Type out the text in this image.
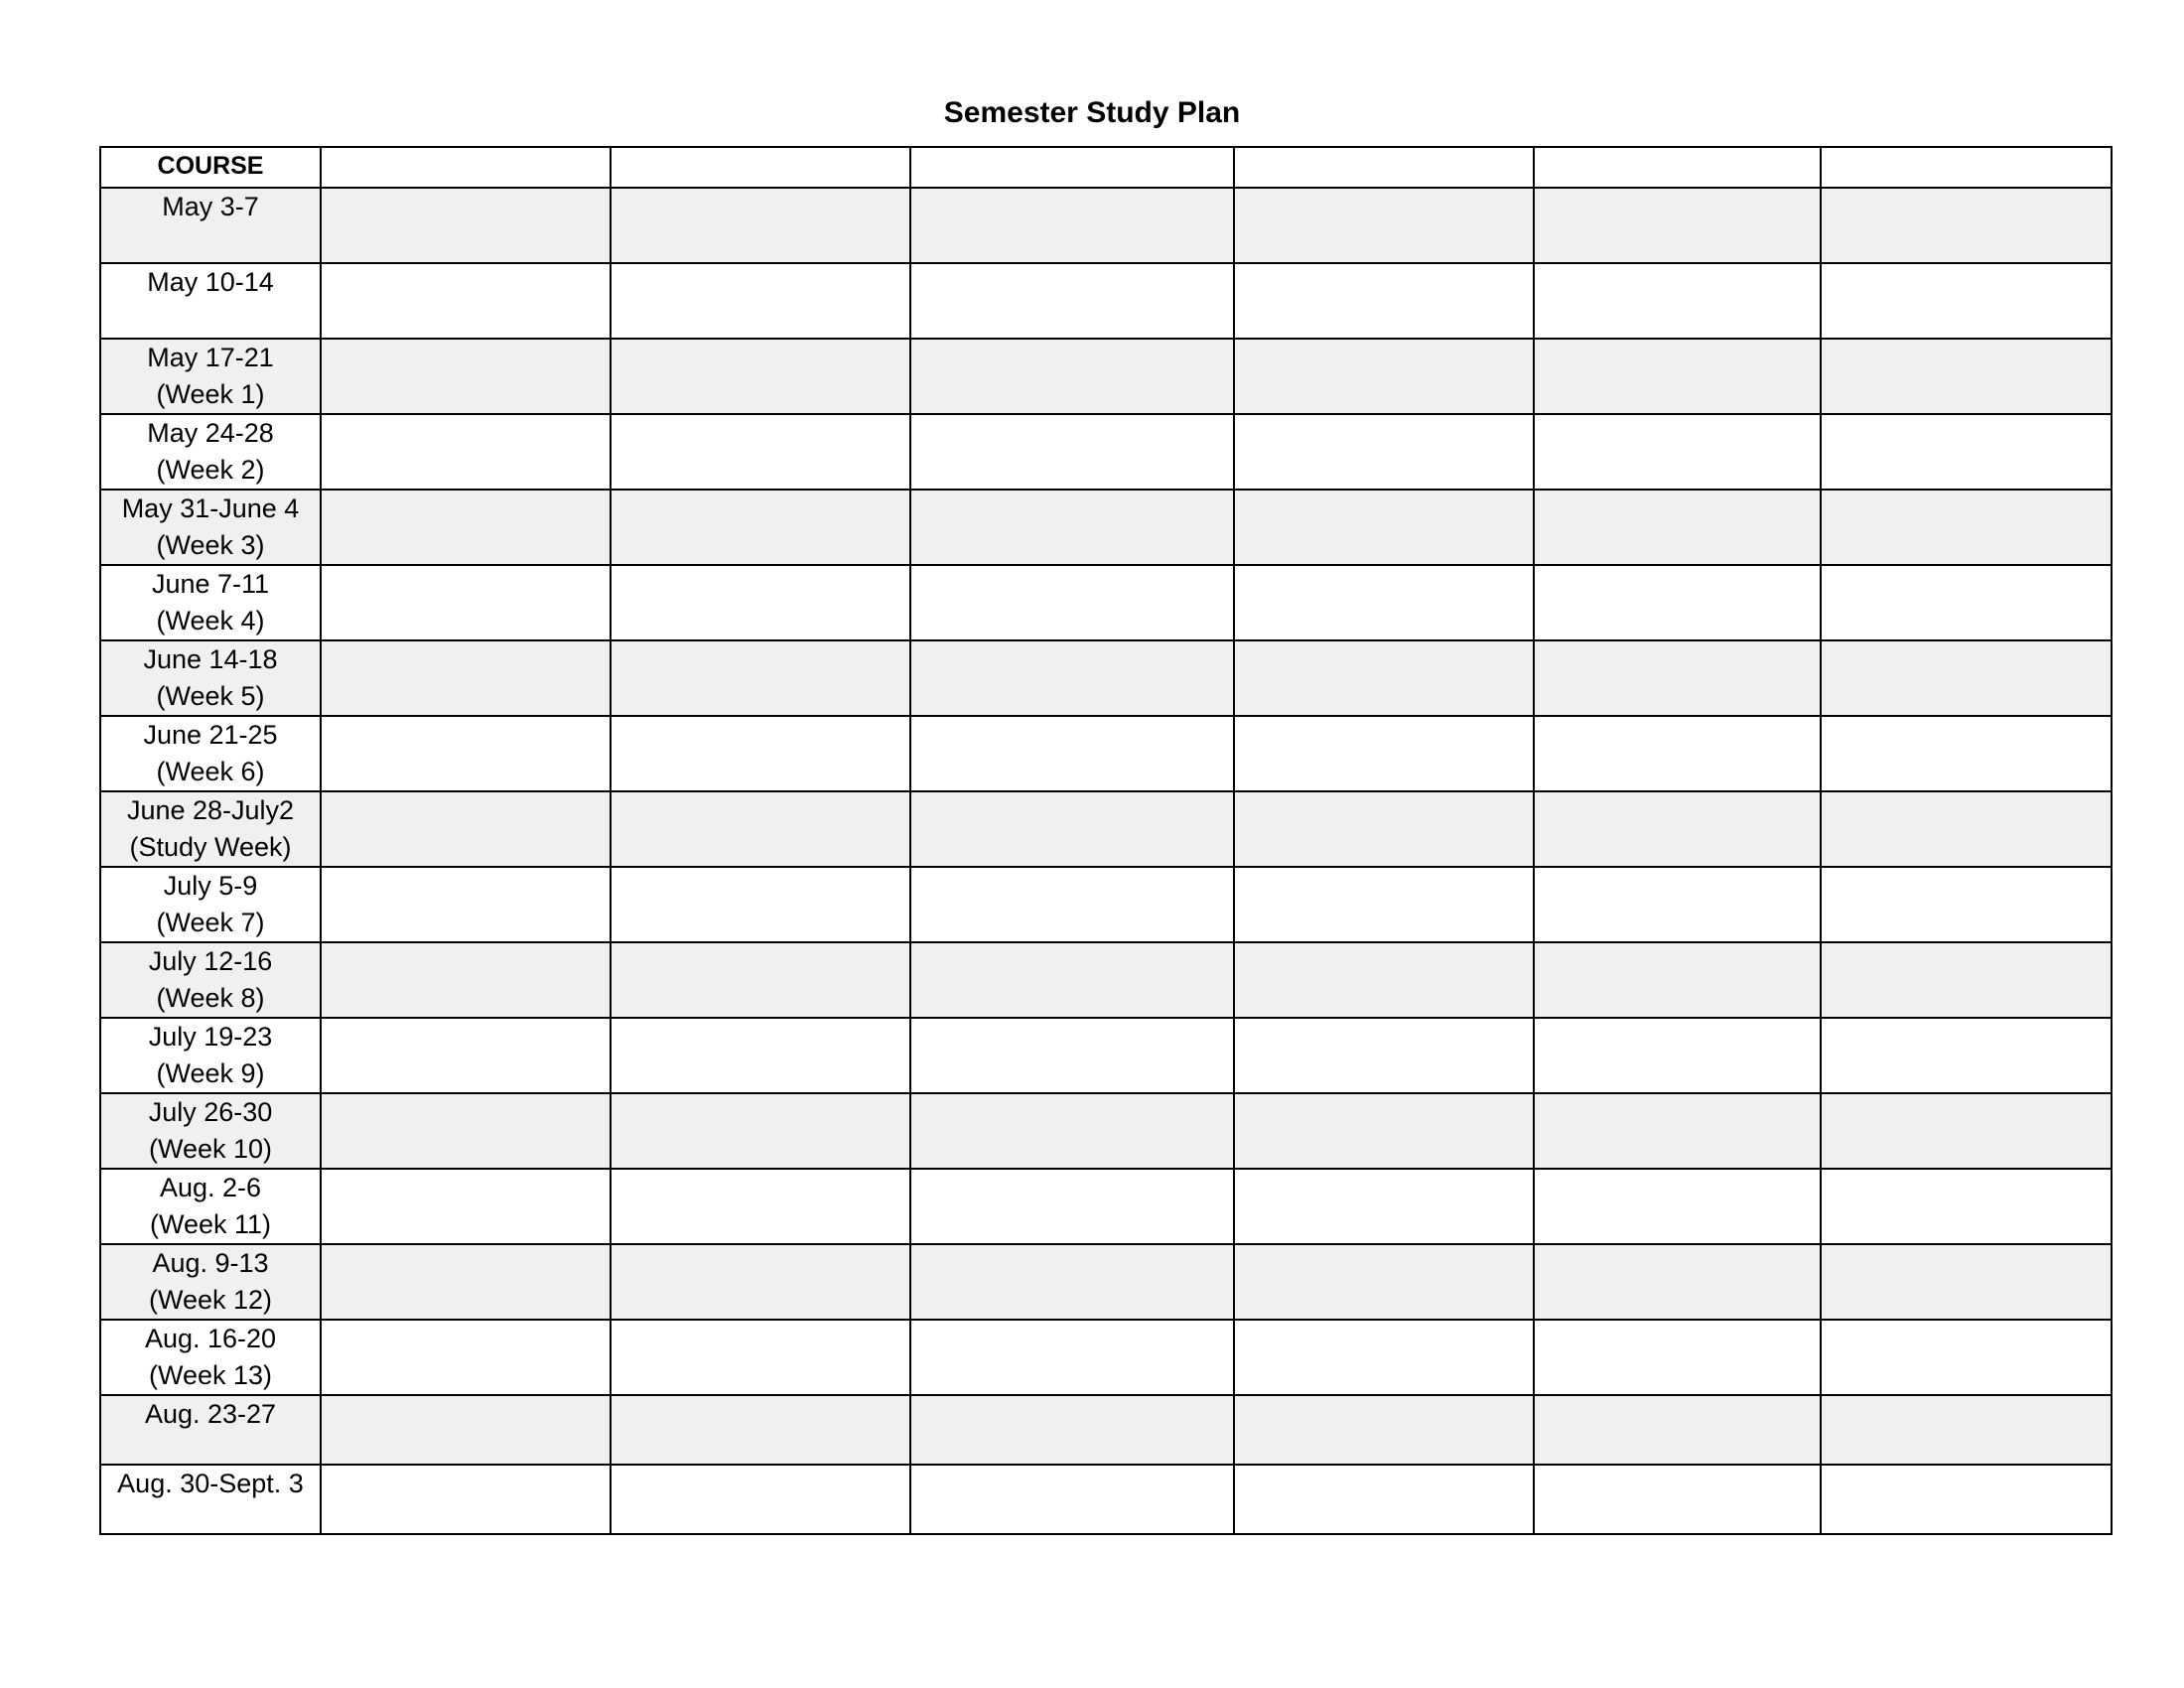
Semester Study Plan
COURSE						

May 3-7						

May 10-14						

May 17-21
(Week 1)						

May 24-28
(Week 2)						

May 31-June 4
(Week 3)						

June 7-11
(Week 4)						

June 14-18
(Week 5)						

June 21-25
(Week 6)						

June 28-July2
(Study Week)						

July 5-9
(Week 7)						

July 12-16
(Week 8)						

July 19-23
(Week 9)						

July 26-30
(Week 10)						

Aug. 2-6
(Week 11)						

Aug. 9-13
(Week 12)						

Aug. 16-20
(Week 13)						

Aug. 23-27						

Aug. 30-Sept. 3						
